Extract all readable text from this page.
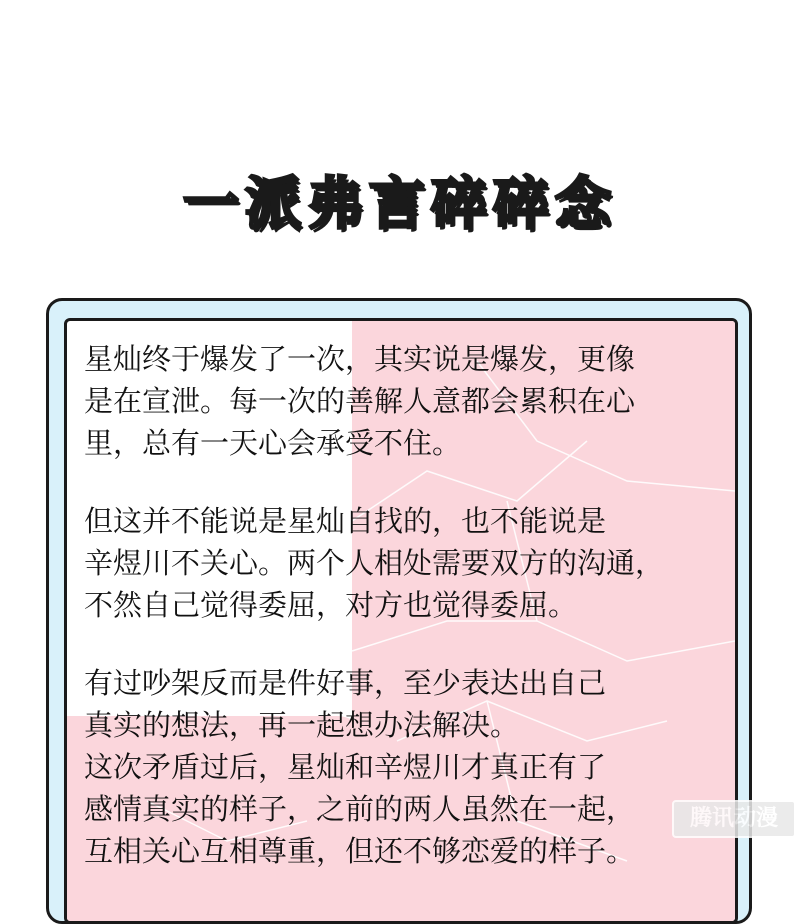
一派弗言碎碎念
星灿终于爆发了一次，其实说是爆发，更像
是在宣泄。每一次的善解人意都会累积在心
里，总有一天心会承受不住。
但这并不能说是星灿自找的，也不能说是
辛煜川不关心。两个人相处需要双方的沟通，
不然自己觉得委屈，对方也觉得委屈。
有过吵架反而是件好事，至少表达出自己
真实的想法，再一起想办法解决。
这次矛盾过后，星灿和辛煜川才真正有了
感情真实的样子，之前的两人虽然在一起，
互相关心互相尊重，但还不够恋爱的样子。
腾讯动漫
